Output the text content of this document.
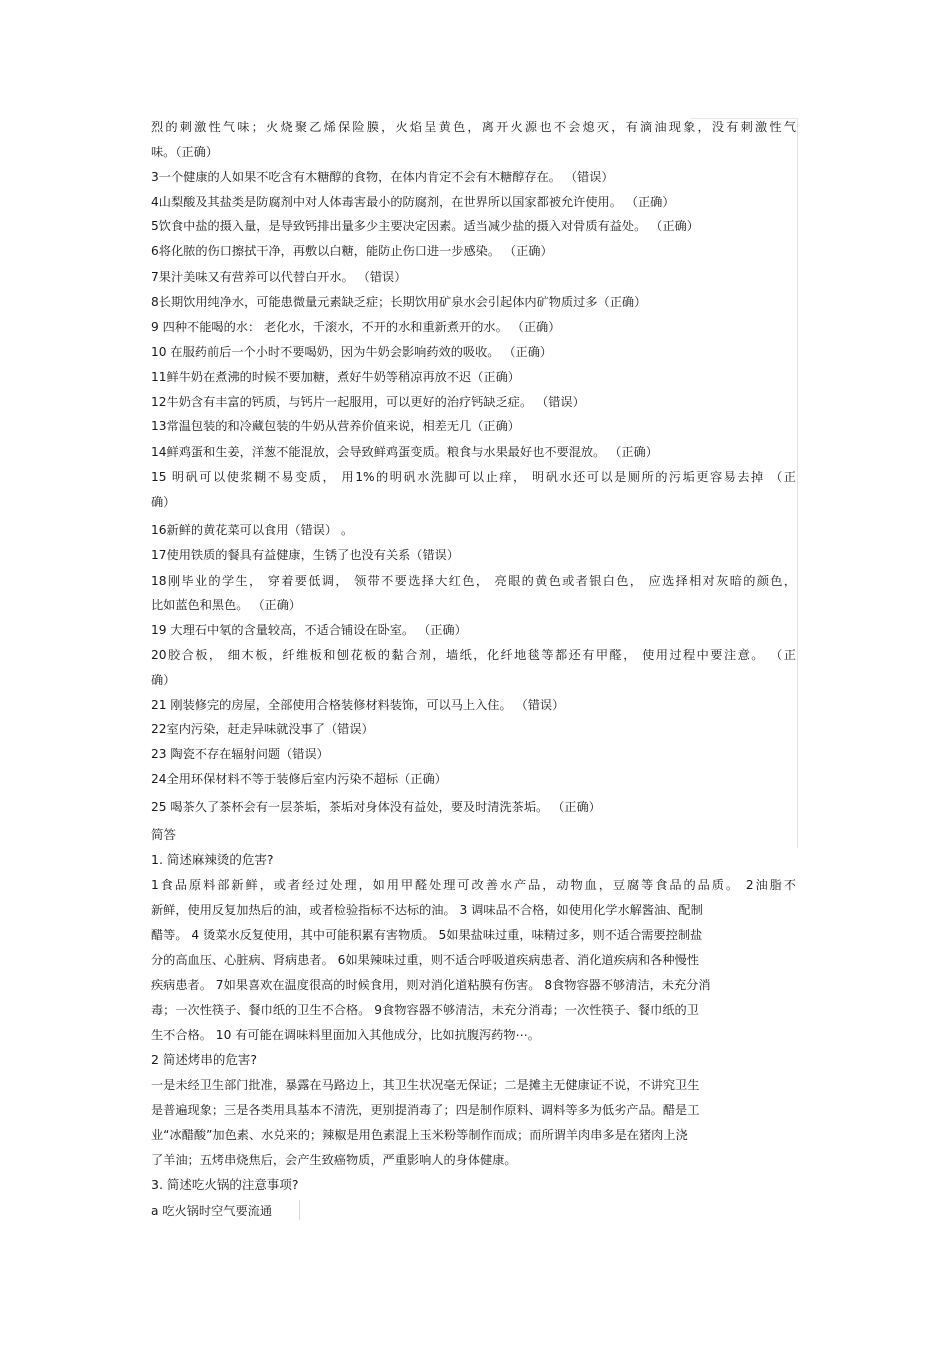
烈的刺激性气味；火烧聚乙烯保险膜，火焰呈黄色，离开火源也不会熄灭，有滴油现象，没有刺激性气

味。（正确）

3一个健康的人如果不吃含有木糖醇的食物，在体内肯定不会有木糖醇存在。 （错误）

4山梨酸及其盐类是防腐剂中对人体毒害最小的防腐剂，在世界所以国家都被允许使用。 （正确）

5饮食中盐的摄入量，是导致钙排出量多少主要决定因素。适当减少盐的摄入对骨质有益处。 （正确）

6将化脓的伤口擦拭干净，再敷以白糖，能防止伤口进一步感染。 （正确）

7果汁美味又有营养可以代替白开水。 （错误）

8长期饮用纯净水，可能患微量元素缺乏症；长期饮用矿泉水会引起体内矿物质过多（正确）

9 四种不能喝的水： 老化水，千滚水，不开的水和重新煮开的水。 （正确）

10 在服药前后一个小时不要喝奶，因为牛奶会影响药效的吸收。 （正确）

11鲜牛奶在煮沸的时候不要加糖，煮好牛奶等稍凉再放不迟（正确）

12牛奶含有丰富的钙质，与钙片一起服用，可以更好的治疗钙缺乏症。 （错误）

13常温包装的和冷藏包装的牛奶从营养价值来说，相差无几（正确）

14鲜鸡蛋和生姜，洋葱不能混放，会导致鲜鸡蛋变质。粮食与水果最好也不要混放。 （正确）

15 明矾可以使浆糊不易变质， 用1%的明矾水洗脚可以止痒， 明矾水还可以是厕所的污垢更容易去掉 （正

确）

16新鲜的黄花菜可以食用（错误） 。

17使用铁质的餐具有益健康，生锈了也没有关系（错误）

18刚毕业的学生， 穿着要低调， 领带不要选择大红色， 亮眼的黄色或者银白色， 应选择相对灰暗的颜色，

比如蓝色和黑色。 （正确）

19 大理石中氡的含量较高，不适合铺设在卧室。 （正确）

20胶合板， 细木板，纤维板和刨花板的黏合剂，墙纸，化纤地毯等都还有甲醛， 使用过程中要注意。 （正

确）

21 刚装修完的房屋，全部使用合格装修材料装饰，可以马上入住。 （错误）

22室内污染，赶走异味就没事了（错误）

23 陶瓷不存在辐射问题（错误）

24全用环保材料不等于装修后室内污染不超标（正确）

25 喝茶久了茶杯会有一层茶垢，茶垢对身体没有益处，要及时清洗茶垢。 （正确）

简答

1. 简述麻辣烫的危害?

1食品原料部新鲜，或者经过处理，如用甲醛处理可改善水产品，动物血，豆腐等食品的品质。 2油脂不

新鲜，使用反复加热后的油，或者检验指标不达标的油。 3 调味品不合格，如使用化学水解酱油、配制

醋等。 4 烫菜水反复使用，其中可能积累有害物质。 5如果盐味过重，味精过多，则不适合需要控制盐

分的高血压、心脏病、肾病患者。 6如果辣味过重，则不适合呼吸道疾病患者、消化道疾病和各种慢性

疾病患者。 7如果喜欢在温度很高的时候食用，则对消化道粘膜有伤害。 8食物容器不够清洁，未充分消

毒；一次性筷子、餐巾纸的卫生不合格。 9食物容器不够清洁，未充分消毒；一次性筷子、餐巾纸的卫

生不合格。 10 有可能在调味料里面加入其他成分，比如抗腹泻药物⋯。

2 简述烤串的危害?

一是未经卫生部门批准，暴露在马路边上，其卫生状况毫无保证；二是摊主无健康证不说，不讲究卫生

是普遍现象；三是各类用具基本不清洗，更别提消毒了；四是制作原料、调料等多为低劣产品。醋是工

业“冰醋酸”加色素、水兑来的；辣椒是用色素混上玉米粉等制作而成；而所谓羊肉串多是在猪肉上浇

了羊油；五烤串烧焦后，会产生致癌物质，严重影响人的身体健康。

3. 简述吃火锅的注意事项?

a 吃火锅时空气要流通
